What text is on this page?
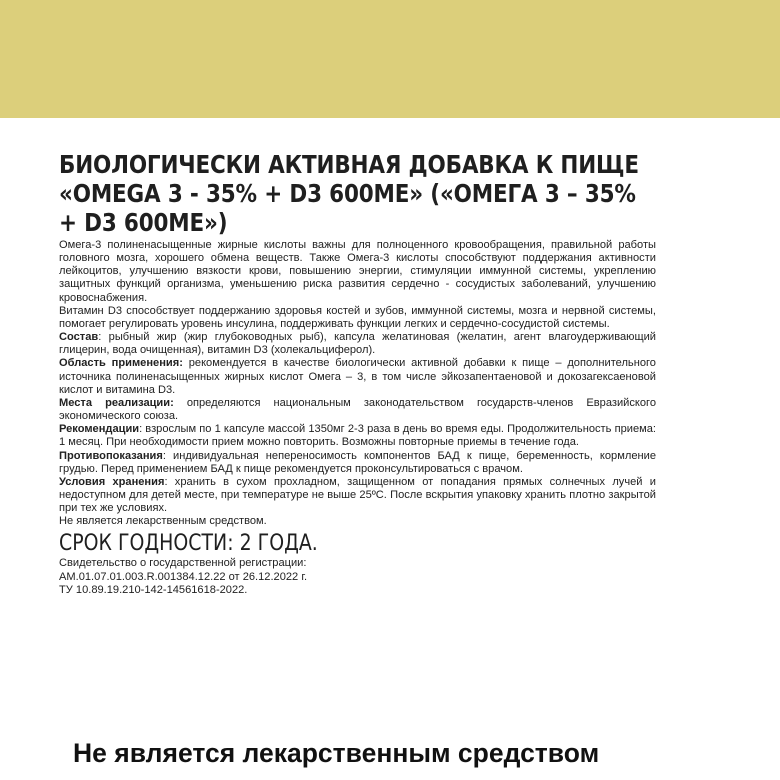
БИОЛОГИЧЕСКИ АКТИВНАЯ ДОБАВКА К ПИЩЕ «OMEGA 3 - 35% + D3 600ME» («ОМЕГА 3 – 35% + D3 600МЕ»)

Омега-3 полиненасыщенные жирные кислоты важны для полноценного кровообращения, правильной работы головного мозга, хорошего обмена веществ. Также Омега-3 кислоты способствуют поддержания активности лейкоцитов, улучшению вязкости крови, повышению энергии, стимуляции иммунной системы, укреплению защитных функций организма, уменьшению риска развития сердечно - сосудистых заболеваний, улучшению кровоснабжения.

Витамин D3 способствует поддержанию здоровья костей и зубов, иммунной системы, мозга и нервной системы, помогает регулировать уровень инсулина, поддерживать функции легких и сердечно-сосудистой системы.

Состав: рыбный жир (жир глубоководных рыб), капсула желатиновая (желатин, агент влагоудерживающий глицерин, вода очищенная), витамин D3 (холекальциферол).

Область применения: рекомендуется в качестве биологически активной добавки к пище – дополнительного источника полиненасыщенных жирных кислот Омега – 3, в том числе эйкозапентаеновой и докозагексаеновой кислот и витамина D3.

Места реализации: определяются национальным законодательством государств-членов Евразийского экономического союза.

Рекомендации: взрослым по 1 капсуле массой 1350мг 2-3 раза в день во время еды. Продолжительность приема: 1 месяц. При необходимости прием можно повторить. Возможны повторные приемы в течение года.

Противопоказания: индивидуальная непереносимость компонентов БАД к пище, беременность, кормление грудью. Перед применением БАД к пище рекомендуется проконсультироваться с врачом.

Условия хранения: хранить в сухом прохладном, защищенном от попадания прямых солнечных лучей и недоступном для детей месте, при температуре не выше 25ºС. После вскрытия упаковку хранить плотно закрытой при тех же условиях.

Не является лекарственным средством.

СРОК ГОДНОСТИ: 2 ГОДА.
Свидетельство о государственной регистрации:
AM.01.07.01.003.R.001384.12.22 от 26.12.2022 г.
ТУ 10.89.19.210-142-14561618-2022.
Не является лекарственным средством
